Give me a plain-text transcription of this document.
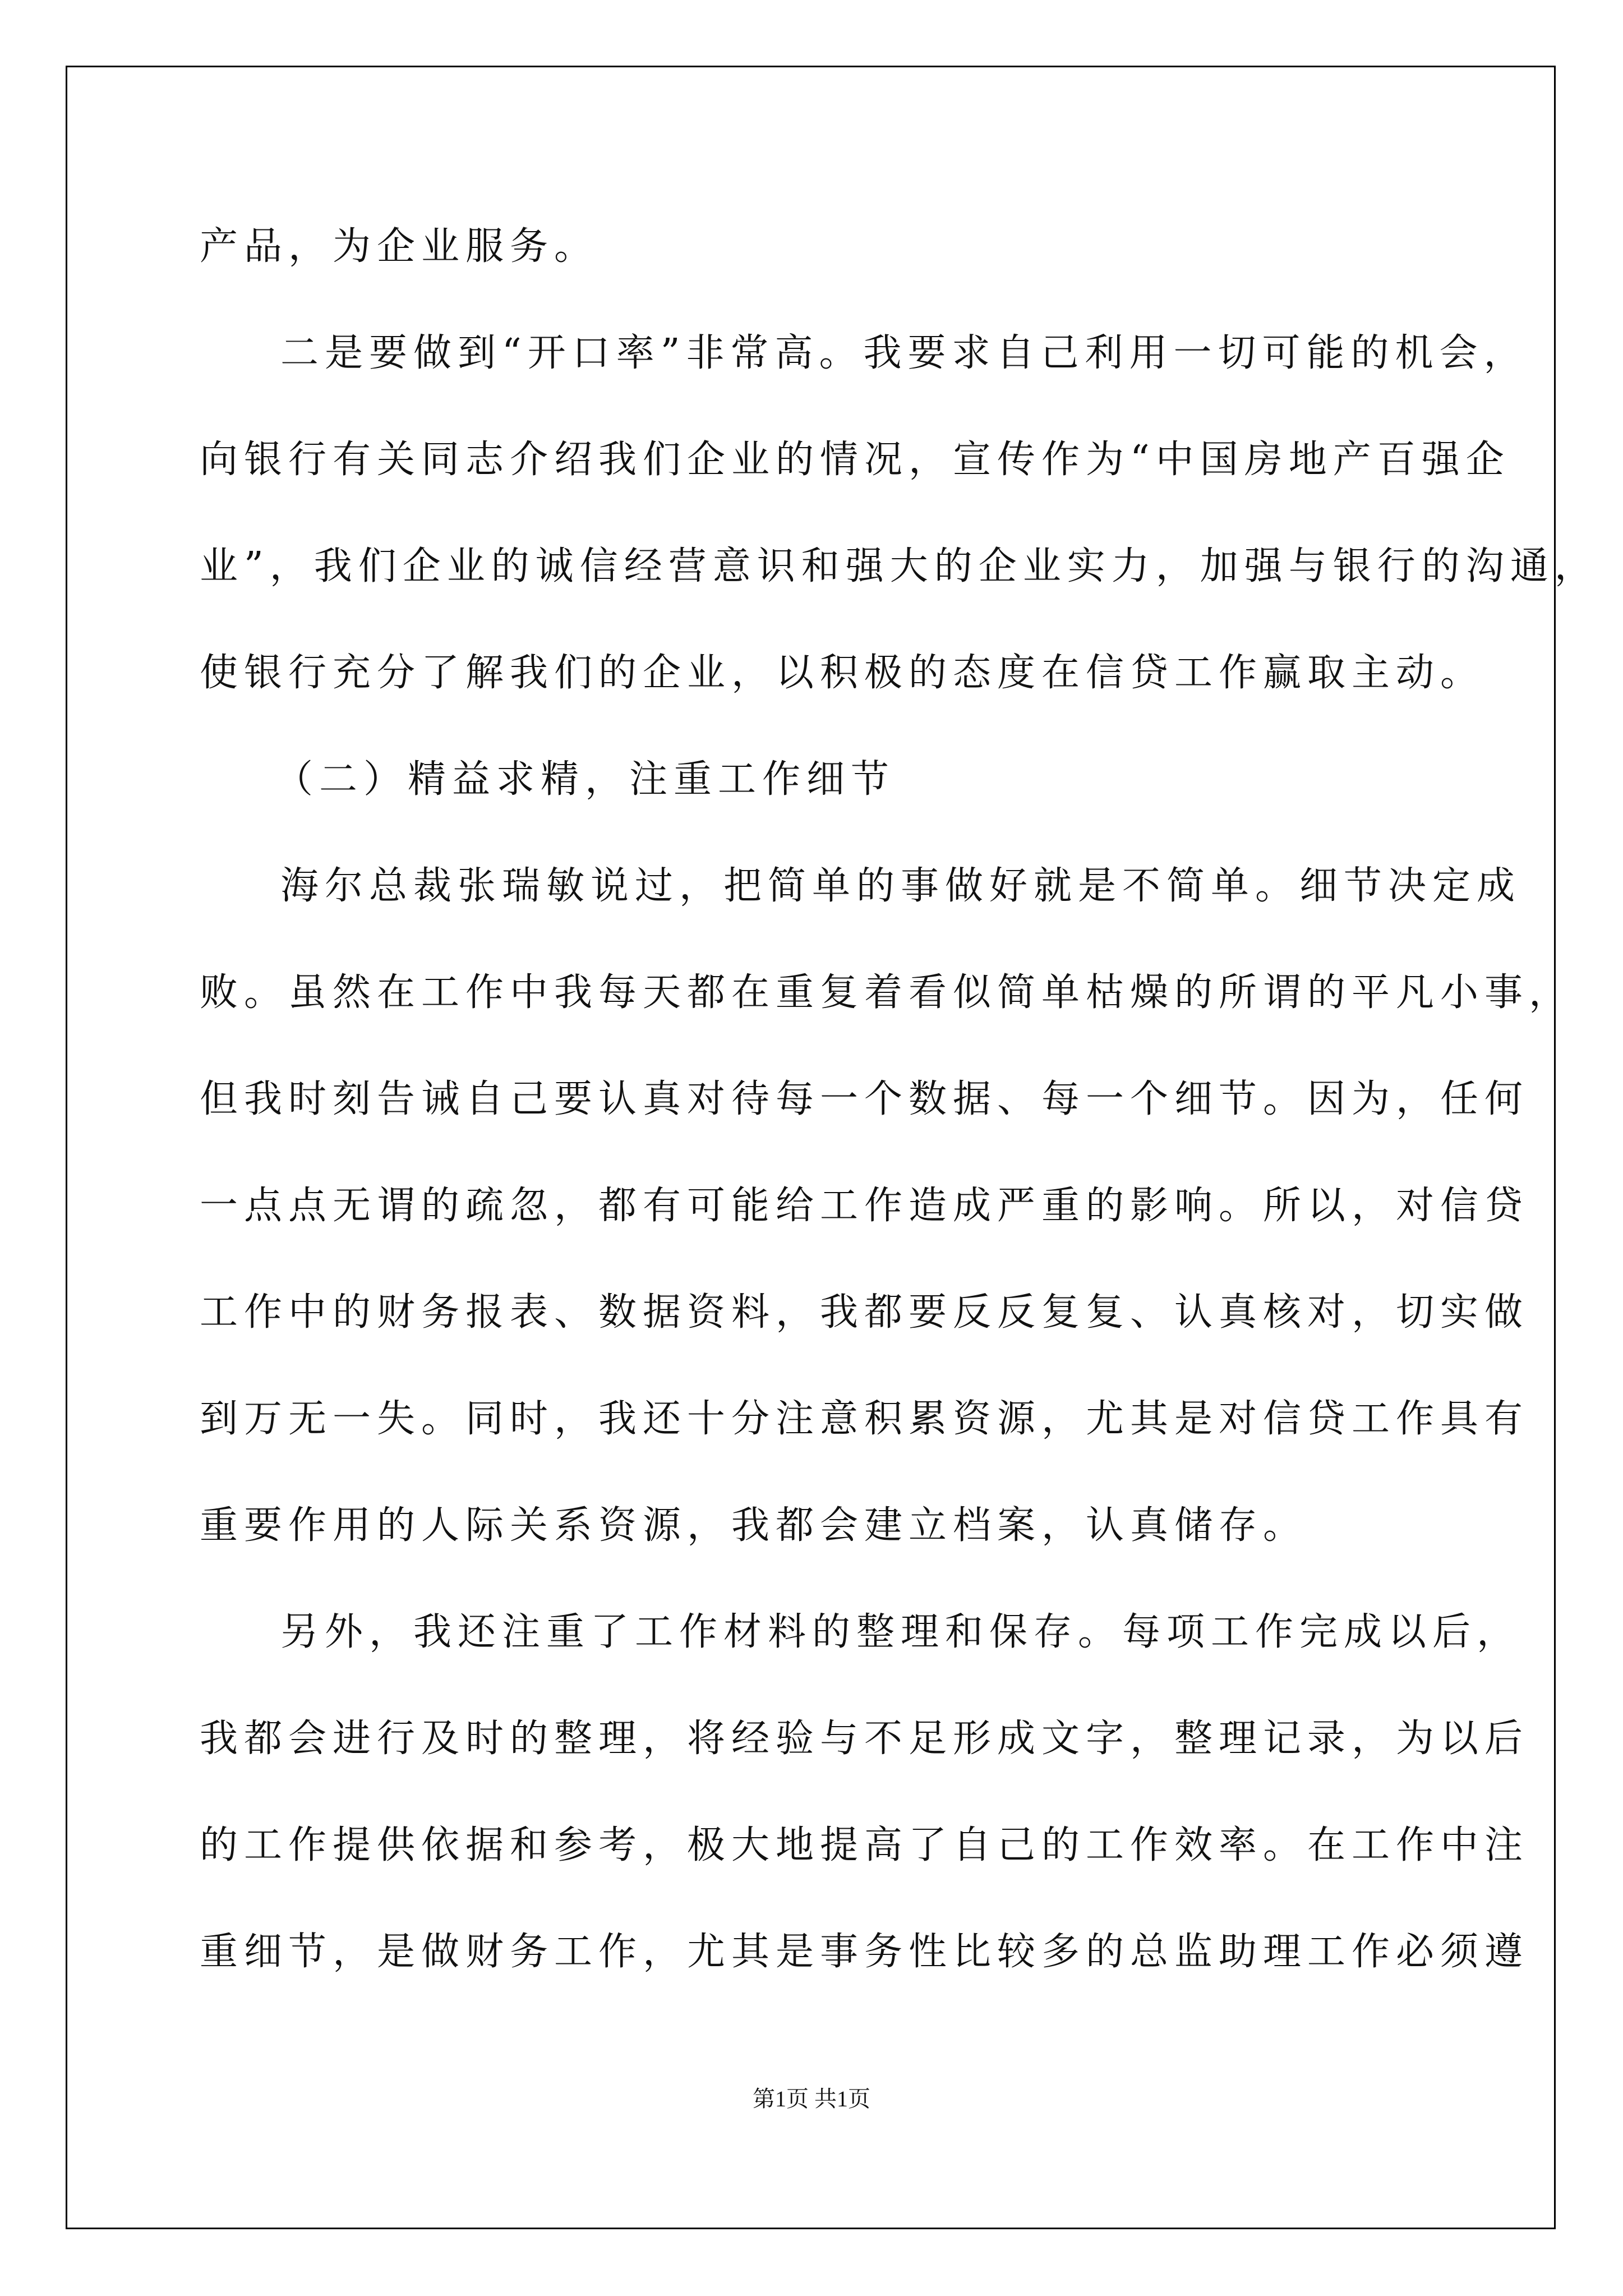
产品，为企业服务。
二是要做到“开口率”非常高。我要求自己利用一切可能的机会，
向银行有关同志介绍我们企业的情况，宣传作为“中国房地产百强企
业”，我们企业的诚信经营意识和强大的企业实力，加强与银行的沟通，
使银行充分了解我们的企业，以积极的态度在信贷工作赢取主动。
（二）精益求精，注重工作细节
海尔总裁张瑞敏说过，把简单的事做好就是不简单。细节决定成
败。虽然在工作中我每天都在重复着看似简单枯燥的所谓的平凡小事，
但我时刻告诫自己要认真对待每一个数据、每一个细节。因为，任何
一点点无谓的疏忽，都有可能给工作造成严重的影响。所以，对信贷
工作中的财务报表、数据资料，我都要反反复复、认真核对，切实做
到万无一失。同时，我还十分注意积累资源，尤其是对信贷工作具有
重要作用的人际关系资源，我都会建立档案，认真储存。
另外，我还注重了工作材料的整理和保存。每项工作完成以后，
我都会进行及时的整理，将经验与不足形成文字，整理记录，为以后
的工作提供依据和参考，极大地提高了自己的工作效率。在工作中注
重细节，是做财务工作，尤其是事务性比较多的总监助理工作必须遵
第1页 共1页
